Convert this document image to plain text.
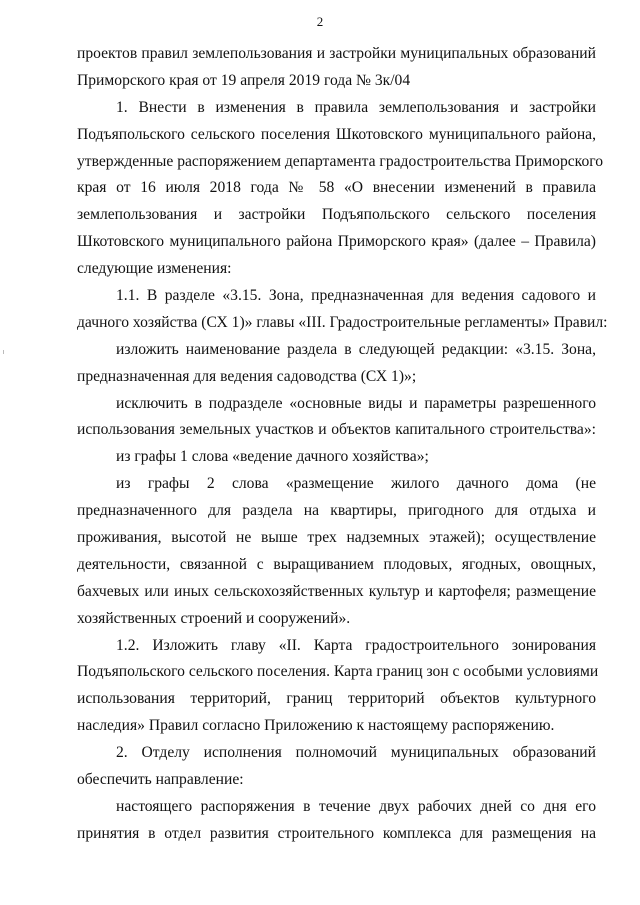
2
проектов правил землепользования и застройки муниципальных образований
Приморского края от 19 апреля 2019 года № 3к/04
1. Внести в изменения в правила землепользования и застройки
Подъяпольского сельского поселения Шкотовского муниципального района,
утвержденные распоряжением департамента градостроительства Приморского
края от 16 июля 2018 года № 58 «О внесении изменений в правила
землепользования и застройки Подъяпольского сельского поселения
Шкотовского муниципального района Приморского края» (далее – Правила)
следующие изменения:
1.1. В разделе «3.15. Зона, предназначенная для ведения садового и
дачного хозяйства (СХ 1)» главы «III. Градостроительные регламенты» Правил:
изложить наименование раздела в следующей редакции: «3.15. Зона,
предназначенная для ведения садоводства (СХ 1)»;
исключить в подразделе «основные виды и параметры разрешенного
использования земельных участков и объектов капитального строительства»:
из графы 1 слова «ведение дачного хозяйства»;
из графы 2 слова «размещение жилого дачного дома (не
предназначенного для раздела на квартиры, пригодного для отдыха и
проживания, высотой не выше трех надземных этажей); осуществление
деятельности, связанной с выращиванием плодовых, ягодных, овощных,
бахчевых или иных сельскохозяйственных культур и картофеля; размещение
хозяйственных строений и сооружений».
1.2. Изложить главу «II. Карта градостроительного зонирования
Подъяпольского сельского поселения. Карта границ зон с особыми условиями
использования территорий, границ территорий объектов культурного
наследия» Правил согласно Приложению к настоящему распоряжению.
2. Отделу исполнения полномочий муниципальных образований
обеспечить направление:
настоящего распоряжения в течение двух рабочих дней со дня его
принятия в отдел развития строительного комплекса для размещения на
